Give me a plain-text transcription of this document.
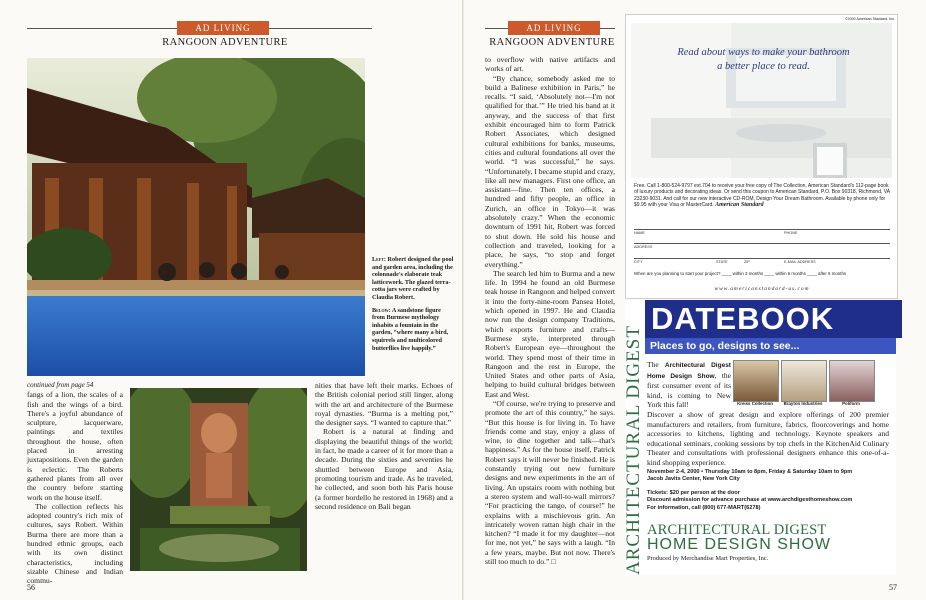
AD LIVING
RANGOON ADVENTURE

Left: Robert designed the pool and garden area, including the colonnade's elaborate teak latticework. The glazed terra-cotta jars were crafted by Claudia Robert.

Below: A sandstone figure from Burmese mythology inhabits a fountain in the garden, “where many a bird, squirrels and multicolored butterflies live happily.”

continued from page 54

fangs of a lion, the scales of a fish and the wings of a bird. There's a joyful abundance of sculpture, lacquerware, paintings and textiles throughout the house, often placed in arresting juxtapositions. Even the garden is eclectic. The Roberts gathered plants from all over the country before starting work on the house itself.

The collection reflects his adopted country's rich mix of cultures, says Robert. Within Burma there are more than a hundred ethnic groups, each with its own distinct characteristics, including sizable Chinese and Indian commu-

nities that have left their marks. Echoes of the British colonial period still linger, along with the art and architecture of the Burmese royal dynasties. “Burma is a melting pot,” the designer says. “I wanted to capture that.”

Robert is a natural at finding and displaying the beautiful things of the world; in fact, he made a career of it for more than a decade. During the sixties and seventies he shuttled between Europe and Asia, promoting tourism and trade. As he traveled, he collected, and soon both his Paris house (a former bordello he restored in 1968) and a second residence on Bali began

56
AD LIVING
RANGOON ADVENTURE

to overflow with native artifacts and works of art.

“By chance, somebody asked me to build a Balinese exhibition in Paris,” he recalls. “I said, ‘Absolutely not—I'm not qualified for that.’” He tried his hand at it anyway, and the success of that first exhibit encouraged him to form Patrick Robert Associates, which designed cultural exhibitions for banks, museums, cities and cultural foundations all over the world. “I was successful,” he says. “Unfortunately, I became stupid and crazy, like all new managers. First one office, an assistant—fine. Then ten offices, a hundred and fifty people, an office in Zurich, an office in Tokyo—it was absolutely crazy.” When the economic downturn of 1991 hit, Robert was forced to shut down. He sold his house and collection and traveled, looking for a place, he says, “to stop and forget everything.”

The search led him to Burma and a new life. In 1994 he found an old Burmese teak house in Rangoon and helped convert it into the forty-nine-room Pansea Hotel, which opened in 1997. He and Claudia now run the design company Traditions, which exports furniture and crafts—Burmese style, interpreted through Robert's European eye—throughout the world. They spend most of their time in Rangoon and the rest in Europe, the United States and other parts of Asia, helping to build cultural bridges between East and West.

“Of course, we're trying to preserve and promote the art of this country,” he says. “But this house is for living in. To have friends come and stay, enjoy a glass of wine, to dine together and talk—that's happiness.” As for the house itself, Patrick Robert says it will never be finished. He is constantly trying out new furniture designs and new experiments in the art of living. An upstairs room with nothing but a stereo system and wall-to-wall mirrors? “For practicing the tango, of course!” he explains with a mischievous grin. An intricately woven rattan high chair in the kitchen? “I made it for my daughter—not for me, not yet,” he says with a laugh. “In a few years, maybe. But not now. There's still too much to do.” □

©2000 American Standard, Inc.
Read about ways to make your bathroom
a better place to read.
Free. Call 1-800-524-9797 ext.704 to receive your free copy of The Collection, American Standard's 112-page book of luxury products and decorating ideas. Or send this coupon to American Standard, P.O. Box 90318, Richmond, VA 23230-9031. And call for our new interactive CD-ROM, Design Your Dream Bathroom. Available by phone only for $9.95 with your Visa or MasterCard. American Standard
NAME	PHONE
ADDRESS
CITY	STATE	ZIP	E-MAIL ADDRESS
When are you planning to start your project? ____ within 3 months ____ within 6 months ____ after 6 months
www.americanstandard-us.com
ARCHITECTURAL DIGEST
DATEBOOK
Places to go, designs to see...
The Architectural Digest Home Design Show, the first consumer event of its kind, is coming to New York this fall!	Kreiss Collection	Brayton Industries	Poliform
Discover a show of great design and explore offerings of 200 premier manufacturers and retailers, from furniture, fabrics, floorcoverings and home accessories to kitchens, lighting and technology. Keynote speakers and educational seminars, cooking sessions by top chefs in the KitchenAid Culinary Theater and consultations with professional designers enhance this one-of-a-kind shopping experience.
November 2-4, 2000 • Thursday 10am to 8pm, Friday & Saturday 10am to 9pm
Jacob Javits Center, New York City
Tickets: $20 per person at the door
Discount admission for advance purchase at www.archdigesthomeshow.com
For information, call (800) 677-MART(6278)
ARCHITECTURAL DIGEST
HOME DESIGN SHOW
Produced by Merchandise Mart Properties, Inc.
57
